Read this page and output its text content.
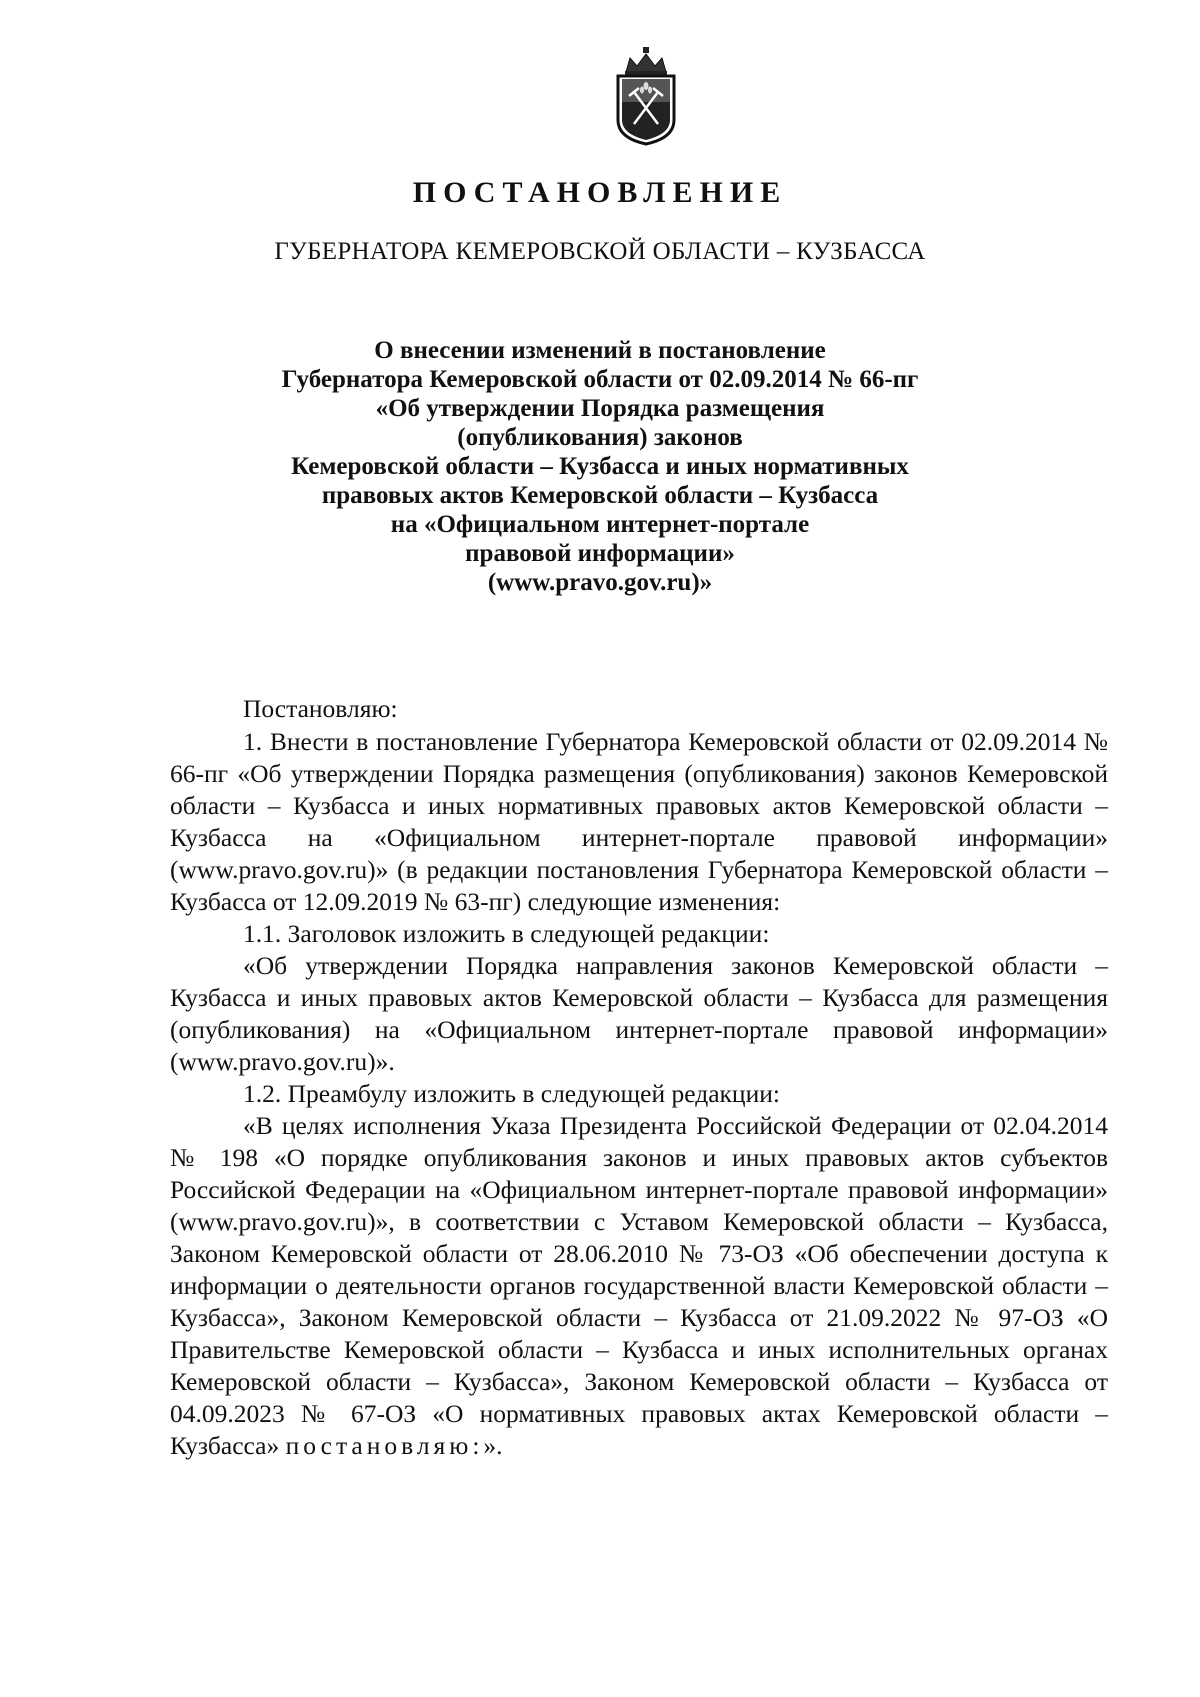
ПОСТАНОВЛЕНИЕ
ГУБЕРНАТОРА КЕМЕРОВСКОЙ ОБЛАСТИ – КУЗБАССА
О внесении изменений в постановление
Губернатора Кемеровской области от 02.09.2014 № 66-пг
«Об утверждении Порядка размещения
(опубликования) законов
Кемеровской области – Кузбасса и иных нормативных
правовых актов Кемеровской области – Кузбасса
на «Официальном интернет-портале
правовой информации»
(www.pravo.gov.ru)»

Постановляю:

1. Внести в постановление Губернатора Кемеровской области от 02.09.2014 № 66-пг «Об утверждении Порядка размещения (опубликования) законов Кемеровской области – Кузбасса и иных нормативных правовых актов Кемеровской области – Кузбасса на «Официальном интернет-портале правовой информации» (www.pravo.gov.ru)» (в редакции постановления Губернатора Кемеровской области – Кузбасса от 12.09.2019 № 63-пг) следующие изменения:

1.1. Заголовок изложить в следующей редакции:

«Об утверждении Порядка направления законов Кемеровской области – Кузбасса и иных правовых актов Кемеровской области – Кузбасса для размещения (опубликования) на «Официальном интернет-портале правовой информации» (www.pravo.gov.ru)».

1.2. Преамбулу изложить в следующей редакции:

«В целях исполнения Указа Президента Российской Федерации от 02.04.2014 № 198 «О порядке опубликования законов и иных правовых актов субъектов Российской Федерации на «Официальном интернет-портале правовой информации» (www.pravo.gov.ru)», в соответствии с Уставом Кемеровской области – Кузбасса, Законом Кемеровской области от 28.06.2010 № 73-ОЗ «Об обеспечении доступа к информации о деятельности органов государственной власти Кемеровской области – Кузбасса», Законом Кемеровской области – Кузбасса от 21.09.2022 № 97-ОЗ «О Правительстве Кемеровской области – Кузбасса и иных исполнительных органах Кемеровской области – Кузбасса», Законом Кемеровской области – Кузбасса от 04.09.2023 № 67-ОЗ «О нормативных правовых актах Кемеровской области – Кузбасса» постановляю:».
